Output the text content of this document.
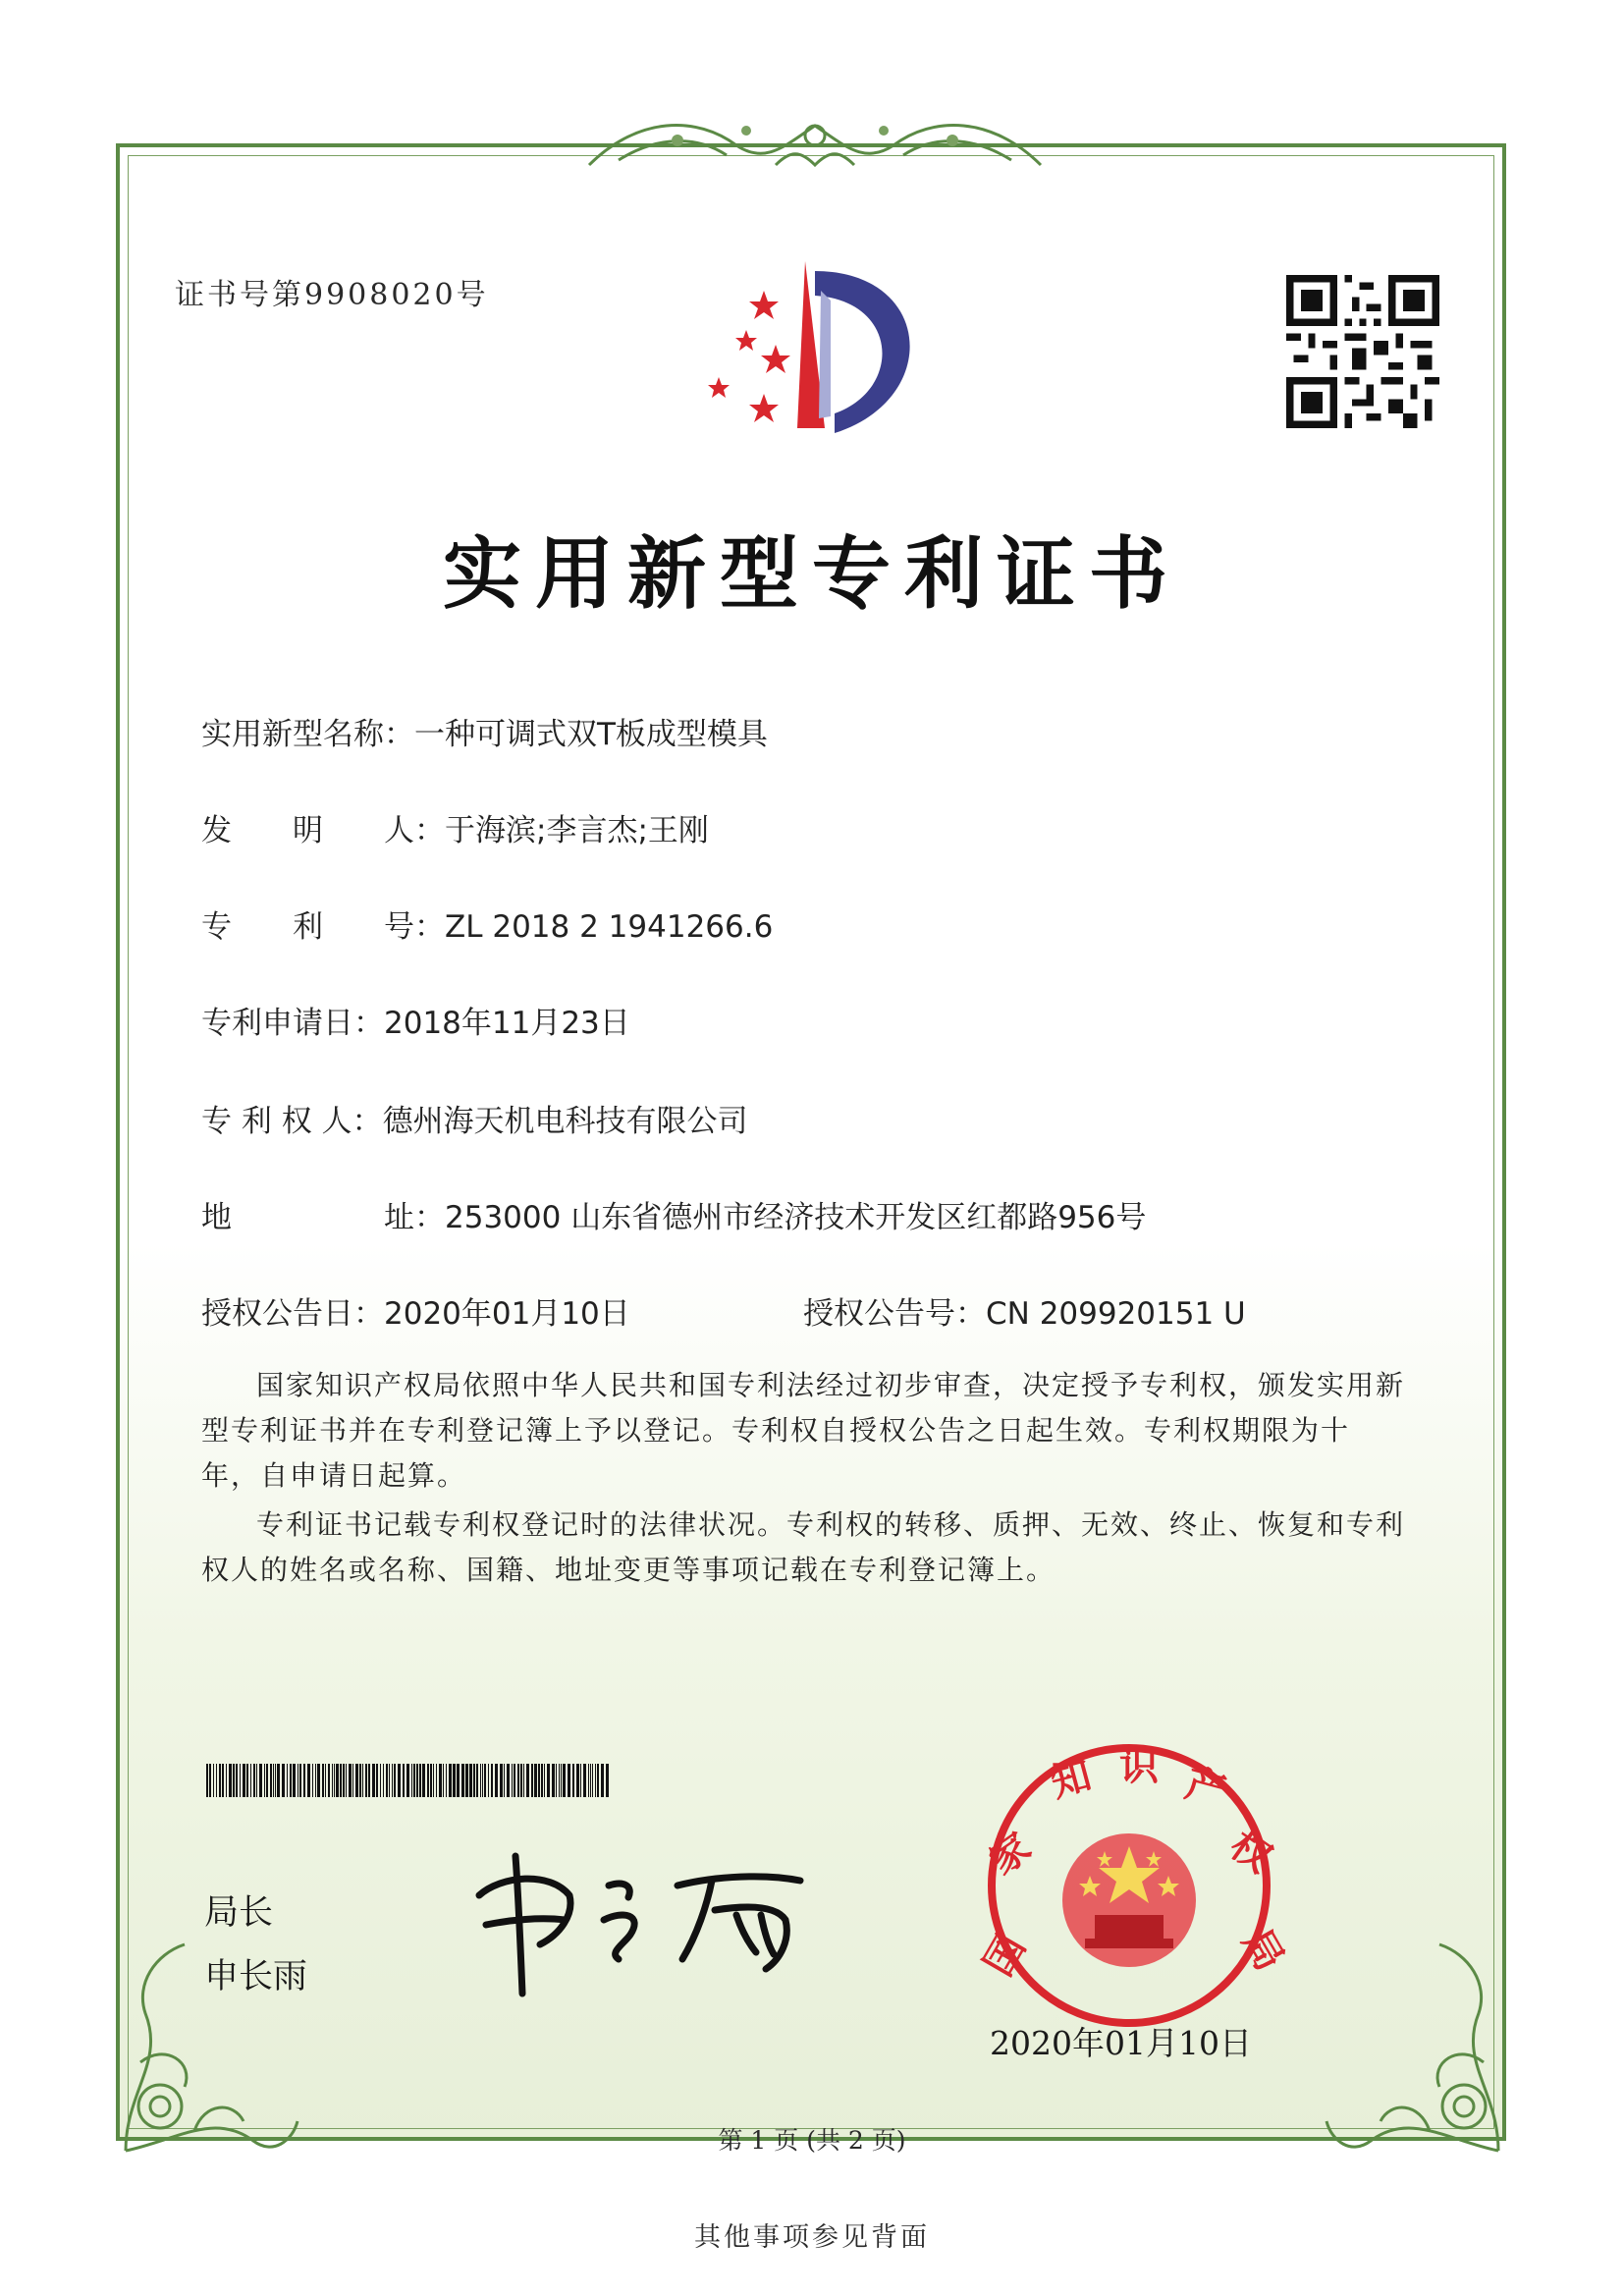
证书号第9908020号
实用新型专利证书
实用新型名称：一种可调式双T板成型模具
发　　明　　人：于海滨;李言杰;王刚
专　　利　　号：ZL 2018 2 1941266.6
专利申请日：2018年11月23日
专 利 权 人：德州海天机电科技有限公司
地　　　　　址：253000 山东省德州市经济技术开发区红都路956号
授权公告日：2020年01月10日	授权公告号：CN 209920151 U
国家知识产权局依照中华人民共和国专利法经过初步审查，决定授予专利权，颁发实用新型专利证书并在专利登记簿上予以登记。专利权自授权公告之日起生效。专利权期限为十年，自申请日起算。
专利证书记载专利权登记时的法律状况。专利权的转移、质押、无效、终止、恢复和专利权人的姓名或名称、国籍、地址变更等事项记载在专利登记簿上。
局长
申长雨	国
家
知 识 产
权
局
2020年01月10日
第 1 页 (共 2 页)
其他事项参见背面
